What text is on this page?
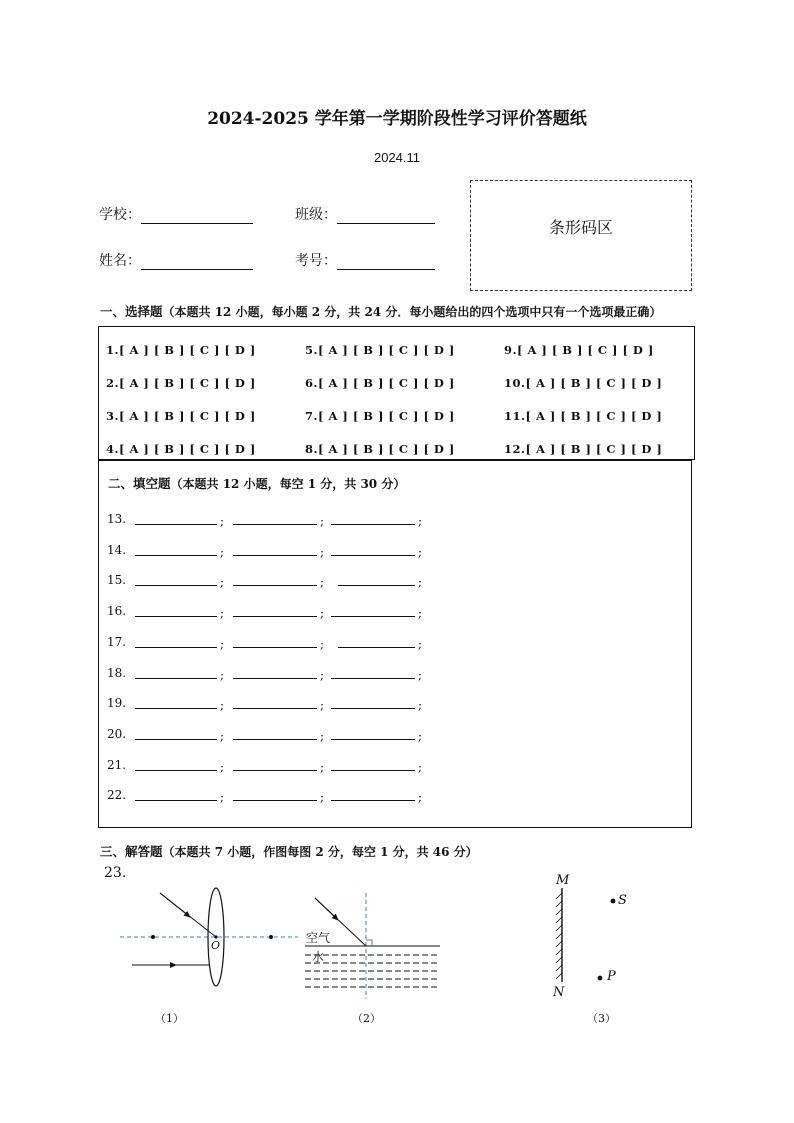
2024-2025 学年第一学期阶段性学习评价答题纸
2024.11
学校：	班级：
姓名：	考号：
条形码区
一、选择题（本题共 12 小题，每小题 2 分，共 24 分．每小题给出的四个选项中只有一个选项最正确）
1.[ A ] [ B ] [ C ] [ D ]
2.[ A ] [ B ] [ C ] [ D ]
3.[ A ] [ B ] [ C ] [ D ]
4.[ A ] [ B ] [ C ] [ D ]
5.[ A ] [ B ] [ C ] [ D ]
6.[ A ] [ B ] [ C ] [ D ]
7.[ A ] [ B ] [ C ] [ D ]
8.[ A ] [ B ] [ C ] [ D ]
9.[ A ] [ B ] [ C ] [ D ]
10.[ A ] [ B ] [ C ] [ D ]
11.[ A ] [ B ] [ C ] [ D ]
12.[ A ] [ B ] [ C ] [ D ]
二、填空题（本题共 12 小题，每空 1 分，共 30 分）
13.	;	;	;
14.	;	;	;
15.	;	;	;
16.	;	;	;
17.	;	;	;
18.	;	;	;
19.	;	;	;
20.	;	;	;
21.	;	;	;
22.	;	;	;
三、解答题（本题共 7 小题，作图每图 2 分，每空 1 分，共 46 分）
23.
O
（1）
空气
水
（2）
M
N
S
P
（3）
